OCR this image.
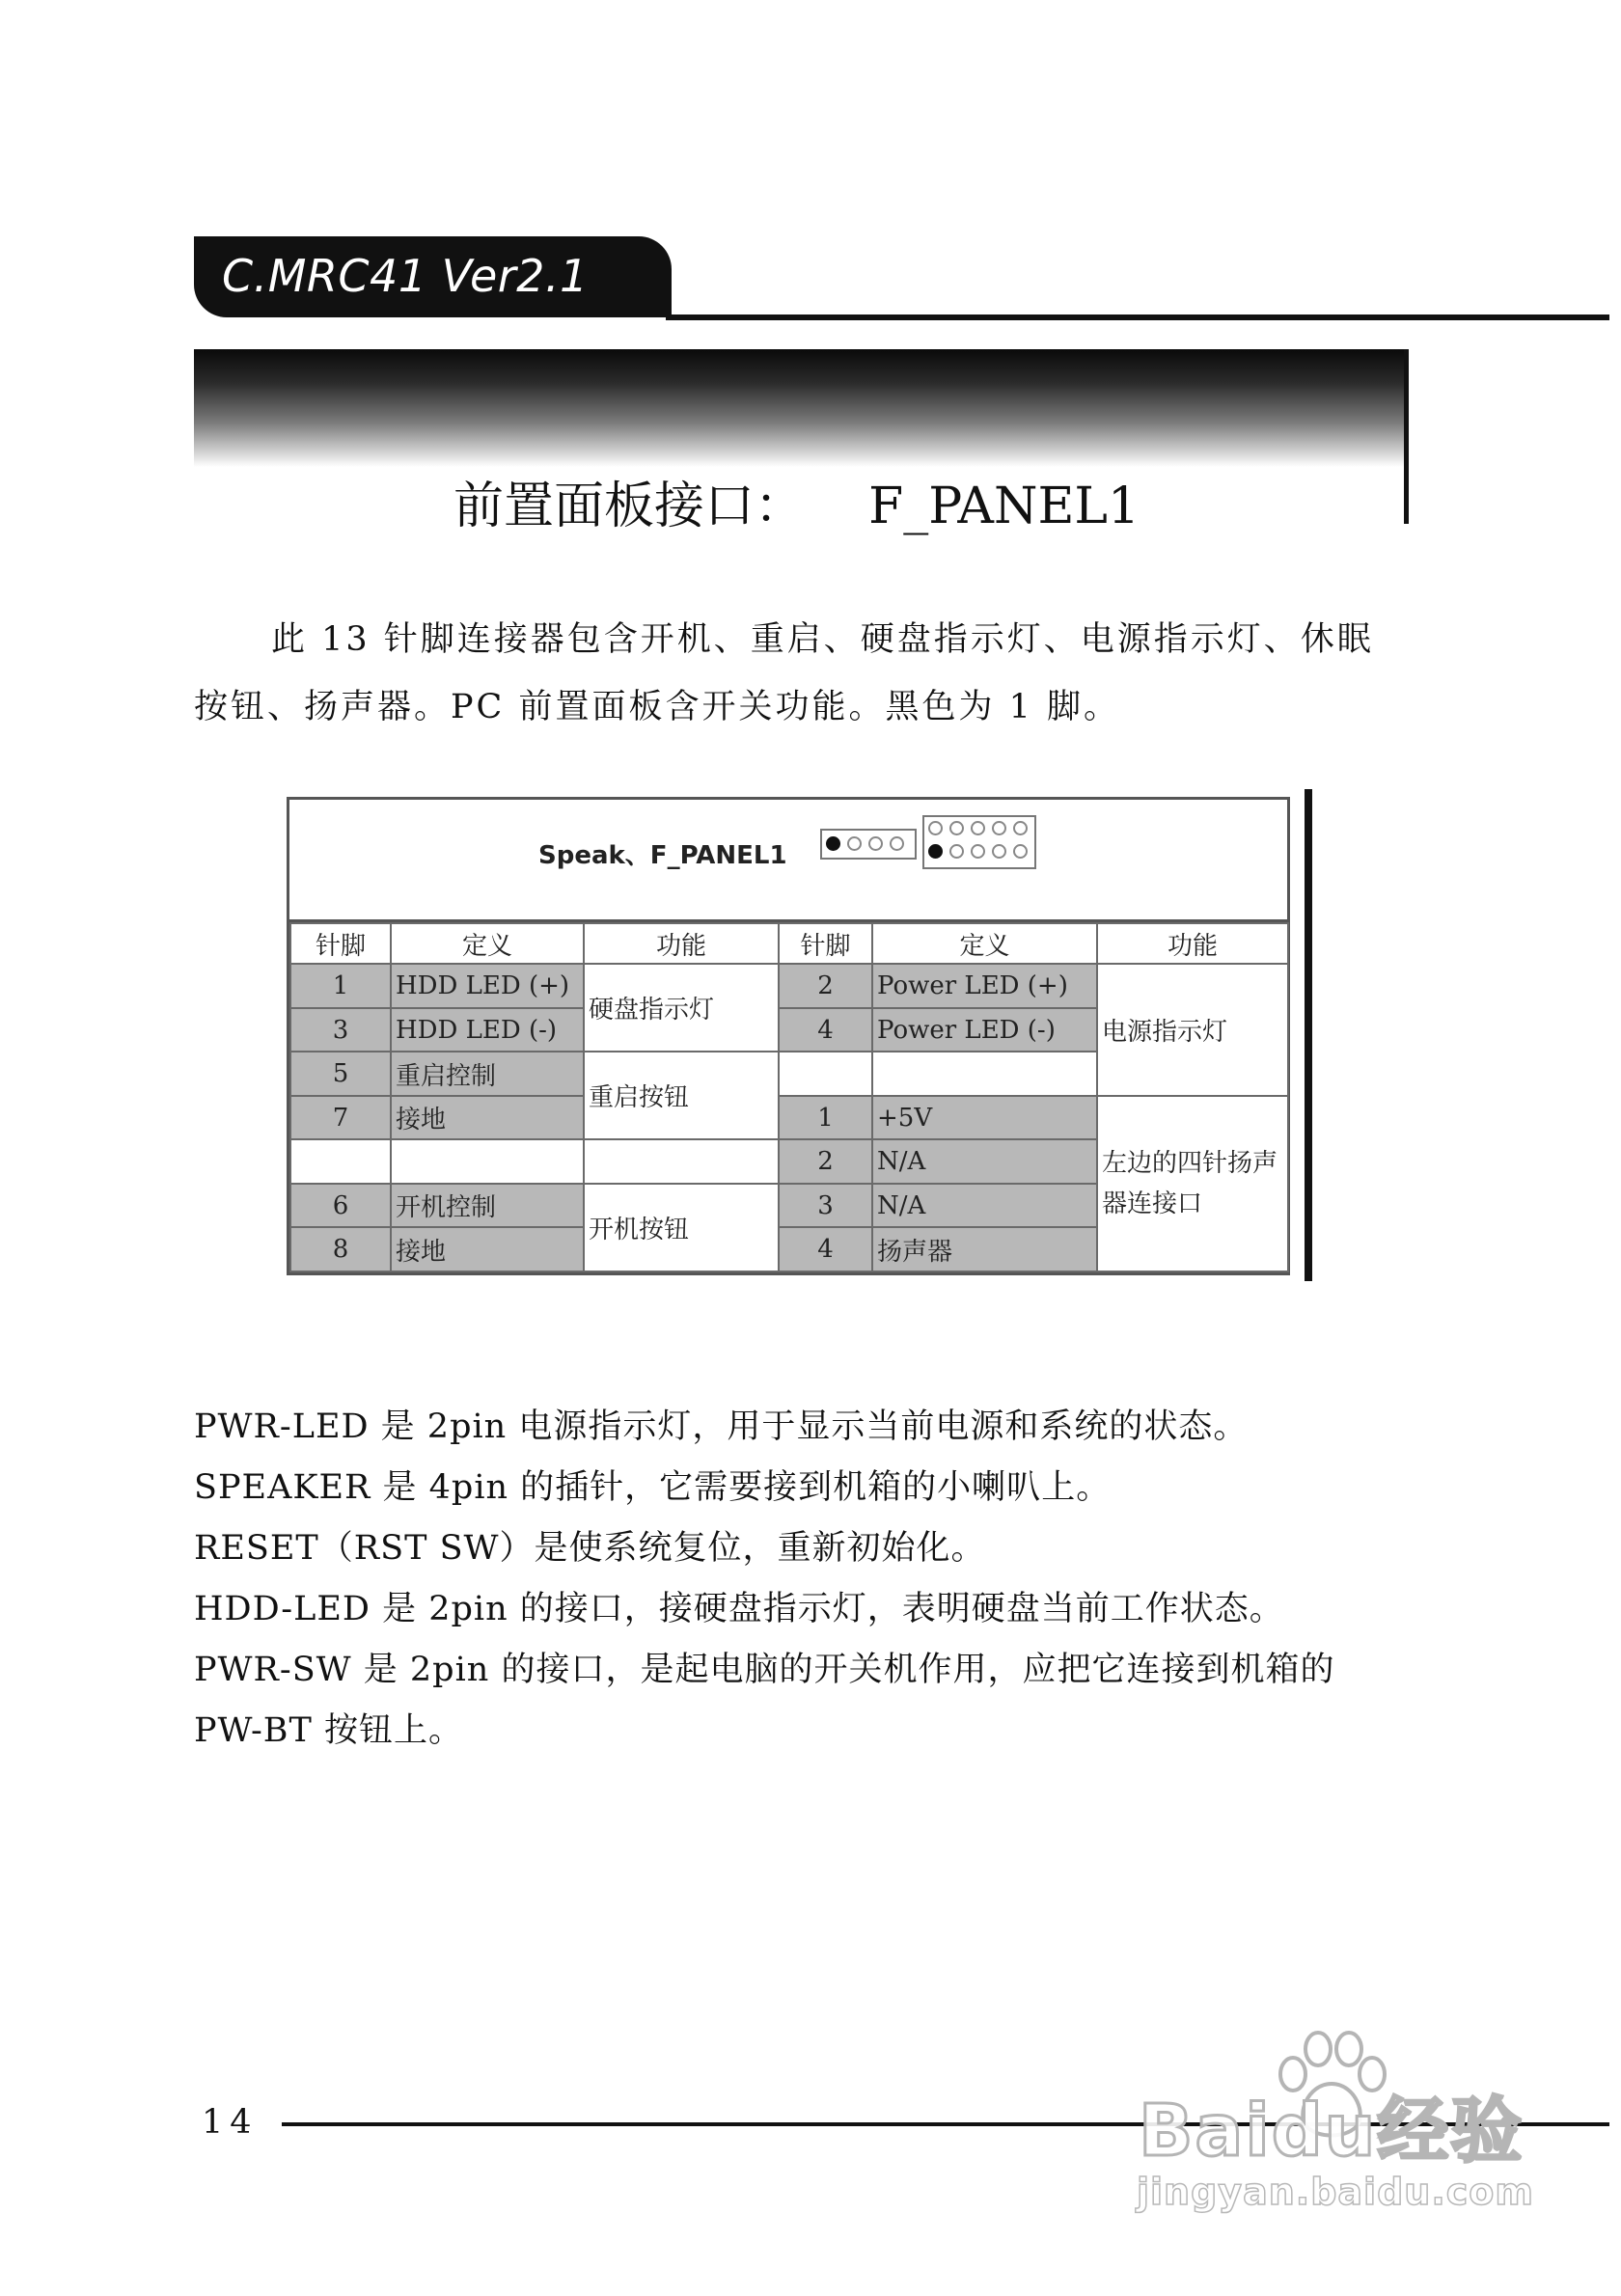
C.MRC41 Ver2.1
前置面板接口：    F_PANEL1

此 13 针脚连接器包含开机、重启、硬盘指示灯、电源指示灯、休眠按钮、扬声器。PC 前置面板含开关功能。黑色为 1 脚。

Speak、F_PANEL1
针脚	定义	功能	针脚	定义	功能
1	HDD LED (+)	硬盘指示灯	2	Power LED (+)	电源指示灯
3	HDD LED (-)		4	Power LED (-)	
5	重启控制	重启按钮			
7	接地		1	+5V	左边的四针扬声器连接口
			2	N/A	
6	开机控制	开机按钮	3	N/A	
8	接地		4	扬声器	
PWR-LED 是 2pin 电源指示灯，用于显示当前电源和系统的状态。
SPEAKER 是 4pin 的插针，它需要接到机箱的小喇叭上。
RESET（RST SW）是使系统复位，重新初始化。
HDD-LED 是 2pin 的接口，接硬盘指示灯，表明硬盘当前工作状态。
PWR-SW 是 2pin 的接口，是起电脑的开关机作用，应把它连接到机箱的 PW-BT 按钮上。
14	Baidu经验
jingyan.baidu.com
